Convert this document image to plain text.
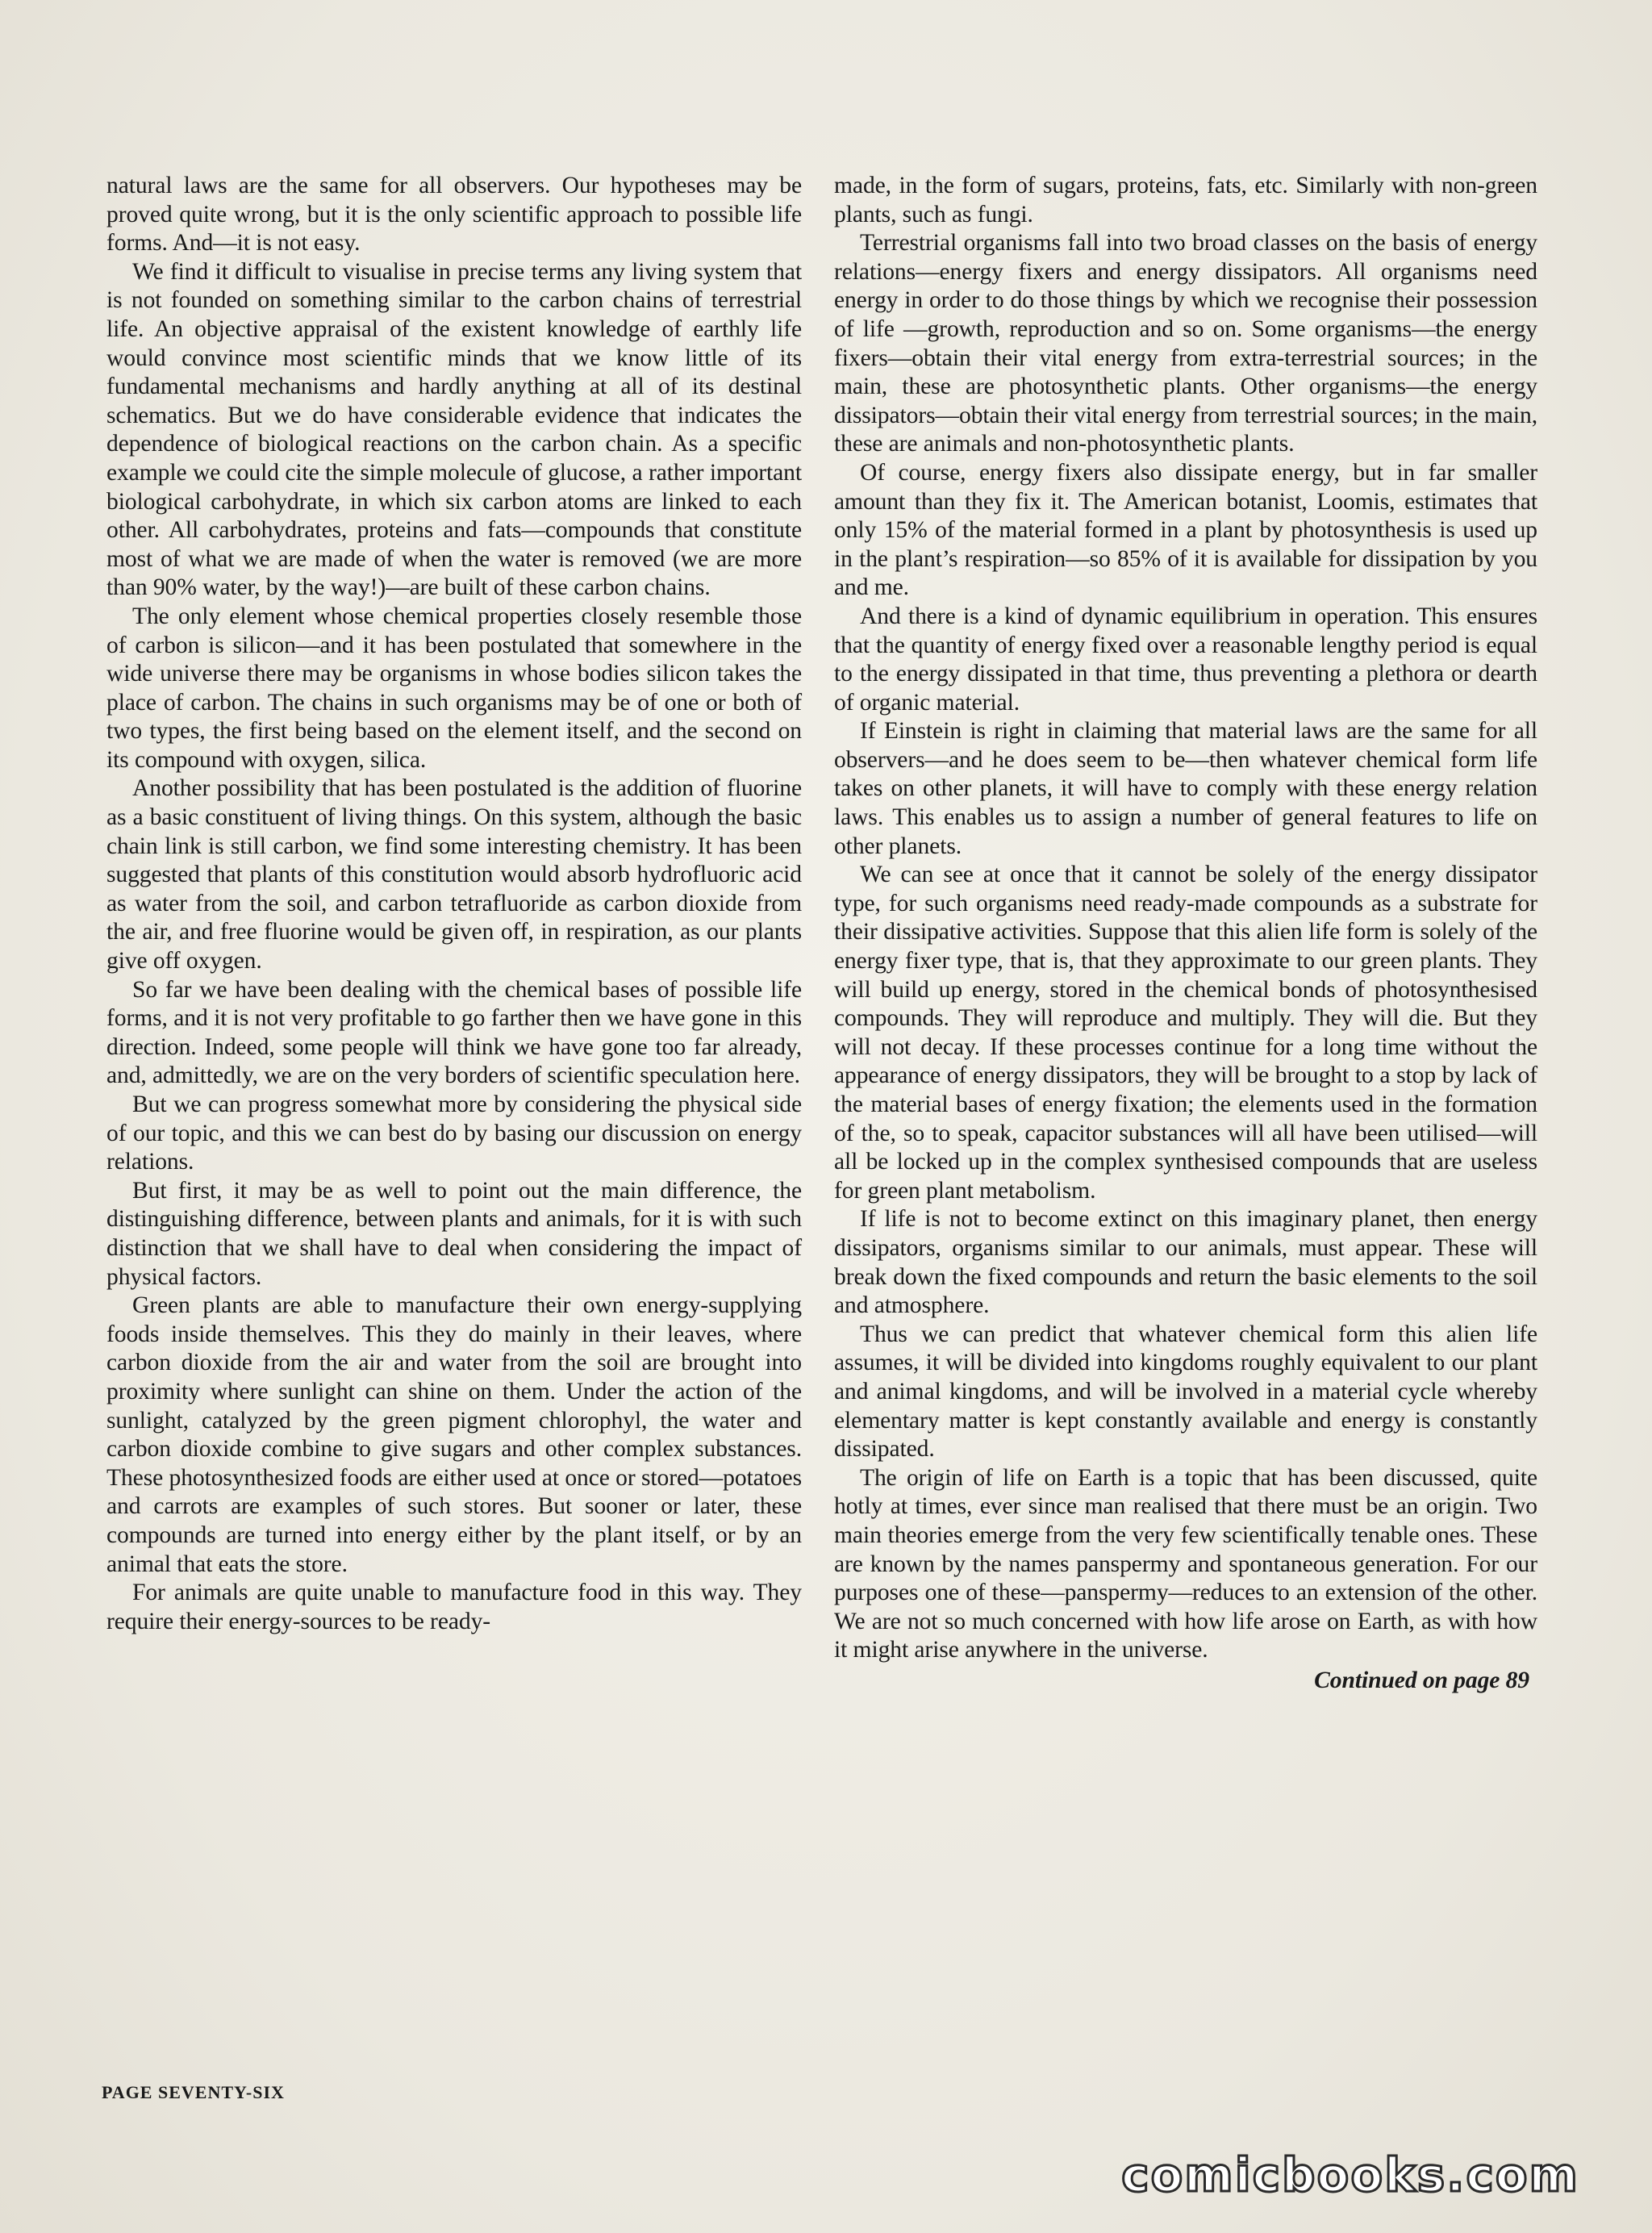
natural laws are the same for all observers. Our hypotheses may be proved quite wrong, but it is the only scientific approach to possible life forms. And—it is not easy.

We find it difficult to visualise in precise terms any living system that is not founded on something similar to the carbon chains of terrestrial life. An objective appraisal of the existent knowledge of earthly life would convince most scientific minds that we know little of its fundamental mechanisms and hardly anything at all of its destinal schematics. But we do have considerable evidence that indicates the dependence of biological reactions on the carbon chain. As a specific example we could cite the simple molecule of glucose, a rather important biological carbohydrate, in which six carbon atoms are linked to each other. All carbohydrates, proteins and fats—compounds that constitute most of what we are made of when the water is removed (we are more than 90% water, by the way!)—are built of these carbon chains.

The only element whose chemical properties closely resemble those of carbon is silicon—and it has been postulated that somewhere in the wide universe there may be organisms in whose bodies silicon takes the place of carbon. The chains in such organisms may be of one or both of two types, the first being based on the element itself, and the second on its compound with oxygen, silica.

Another possibility that has been postulated is the addition of fluorine as a basic constituent of living things. On this system, although the basic chain link is still carbon, we find some interesting chemistry. It has been suggested that plants of this constitution would absorb hydrofluoric acid as water from the soil, and carbon tetrafluoride as carbon dioxide from the air, and free fluorine would be given off, in respiration, as our plants give off oxygen.

So far we have been dealing with the chemical bases of possible life forms, and it is not very profitable to go farther then we have gone in this direction. Indeed, some people will think we have gone too far already, and, admittedly, we are on the very borders of scientific speculation here.

But we can progress somewhat more by considering the physical side of our topic, and this we can best do by basing our discussion on energy relations.

But first, it may be as well to point out the main difference, the distinguishing difference, between plants and animals, for it is with such distinction that we shall have to deal when considering the impact of physical factors.

Green plants are able to manufacture their own energy-supplying foods inside themselves. This they do mainly in their leaves, where carbon dioxide from the air and water from the soil are brought into proximity where sunlight can shine on them. Under the action of the sunlight, catalyzed by the green pigment chlorophyl, the water and carbon dioxide combine to give sugars and other complex substances. These photosynthesized foods are either used at once or stored—potatoes and carrots are examples of such stores. But sooner or later, these compounds are turned into energy either by the plant itself, or by an animal that eats the store.

For animals are quite unable to manufacture food in this way. They require their energy-sources to be ready-

made, in the form of sugars, proteins, fats, etc. Similarly with non-green plants, such as fungi.

Terrestrial organisms fall into two broad classes on the basis of energy relations—energy fixers and energy dissipators. All organisms need energy in order to do those things by which we recognise their possession of life —growth, reproduction and so on. Some organisms—the energy fixers—obtain their vital energy from extra-terrestrial sources; in the main, these are photosynthetic plants. Other organisms—the energy dissipators—obtain their vital energy from terrestrial sources; in the main, these are animals and non-photosynthetic plants.

Of course, energy fixers also dissipate energy, but in far smaller amount than they fix it. The American botanist, Loomis, estimates that only 15% of the material formed in a plant by photosynthesis is used up in the plant’s respiration—so 85% of it is available for dissipation by you and me.

And there is a kind of dynamic equilibrium in operation. This ensures that the quantity of energy fixed over a reasonable lengthy period is equal to the energy dissipated in that time, thus preventing a plethora or dearth of organic material.

If Einstein is right in claiming that material laws are the same for all observers—and he does seem to be—then whatever chemical form life takes on other planets, it will have to comply with these energy relation laws. This enables us to assign a number of general features to life on other planets.

We can see at once that it cannot be solely of the energy dissipator type, for such organisms need ready-made compounds as a substrate for their dissipative activities. Suppose that this alien life form is solely of the energy fixer type, that is, that they approximate to our green plants. They will build up energy, stored in the chemical bonds of photosynthesised compounds. They will reproduce and multiply. They will die. But they will not decay. If these processes continue for a long time without the appearance of energy dissipators, they will be brought to a stop by lack of the material bases of energy fixation; the elements used in the formation of the, so to speak, capacitor substances will all have been utilised—will all be locked up in the complex synthesised compounds that are useless for green plant metabolism.

If life is not to become extinct on this imaginary planet, then energy dissipators, organisms similar to our animals, must appear. These will break down the fixed compounds and return the basic elements to the soil and atmosphere.

Thus we can predict that whatever chemical form this alien life assumes, it will be divided into kingdoms roughly equivalent to our plant and animal kingdoms, and will be involved in a material cycle whereby elementary matter is kept constantly available and energy is constantly dissipated.

The origin of life on Earth is a topic that has been discussed, quite hotly at times, ever since man realised that there must be an origin. Two main theories emerge from the very few scientifically tenable ones. These are known by the names panspermy and spontaneous generation. For our purposes one of these—panspermy—reduces to an extension of the other. We are not so much concerned with how life arose on Earth, as with how it might arise anywhere in the universe.

Continued on page 89
PAGE SEVENTY-SIX
comicbooks.com
